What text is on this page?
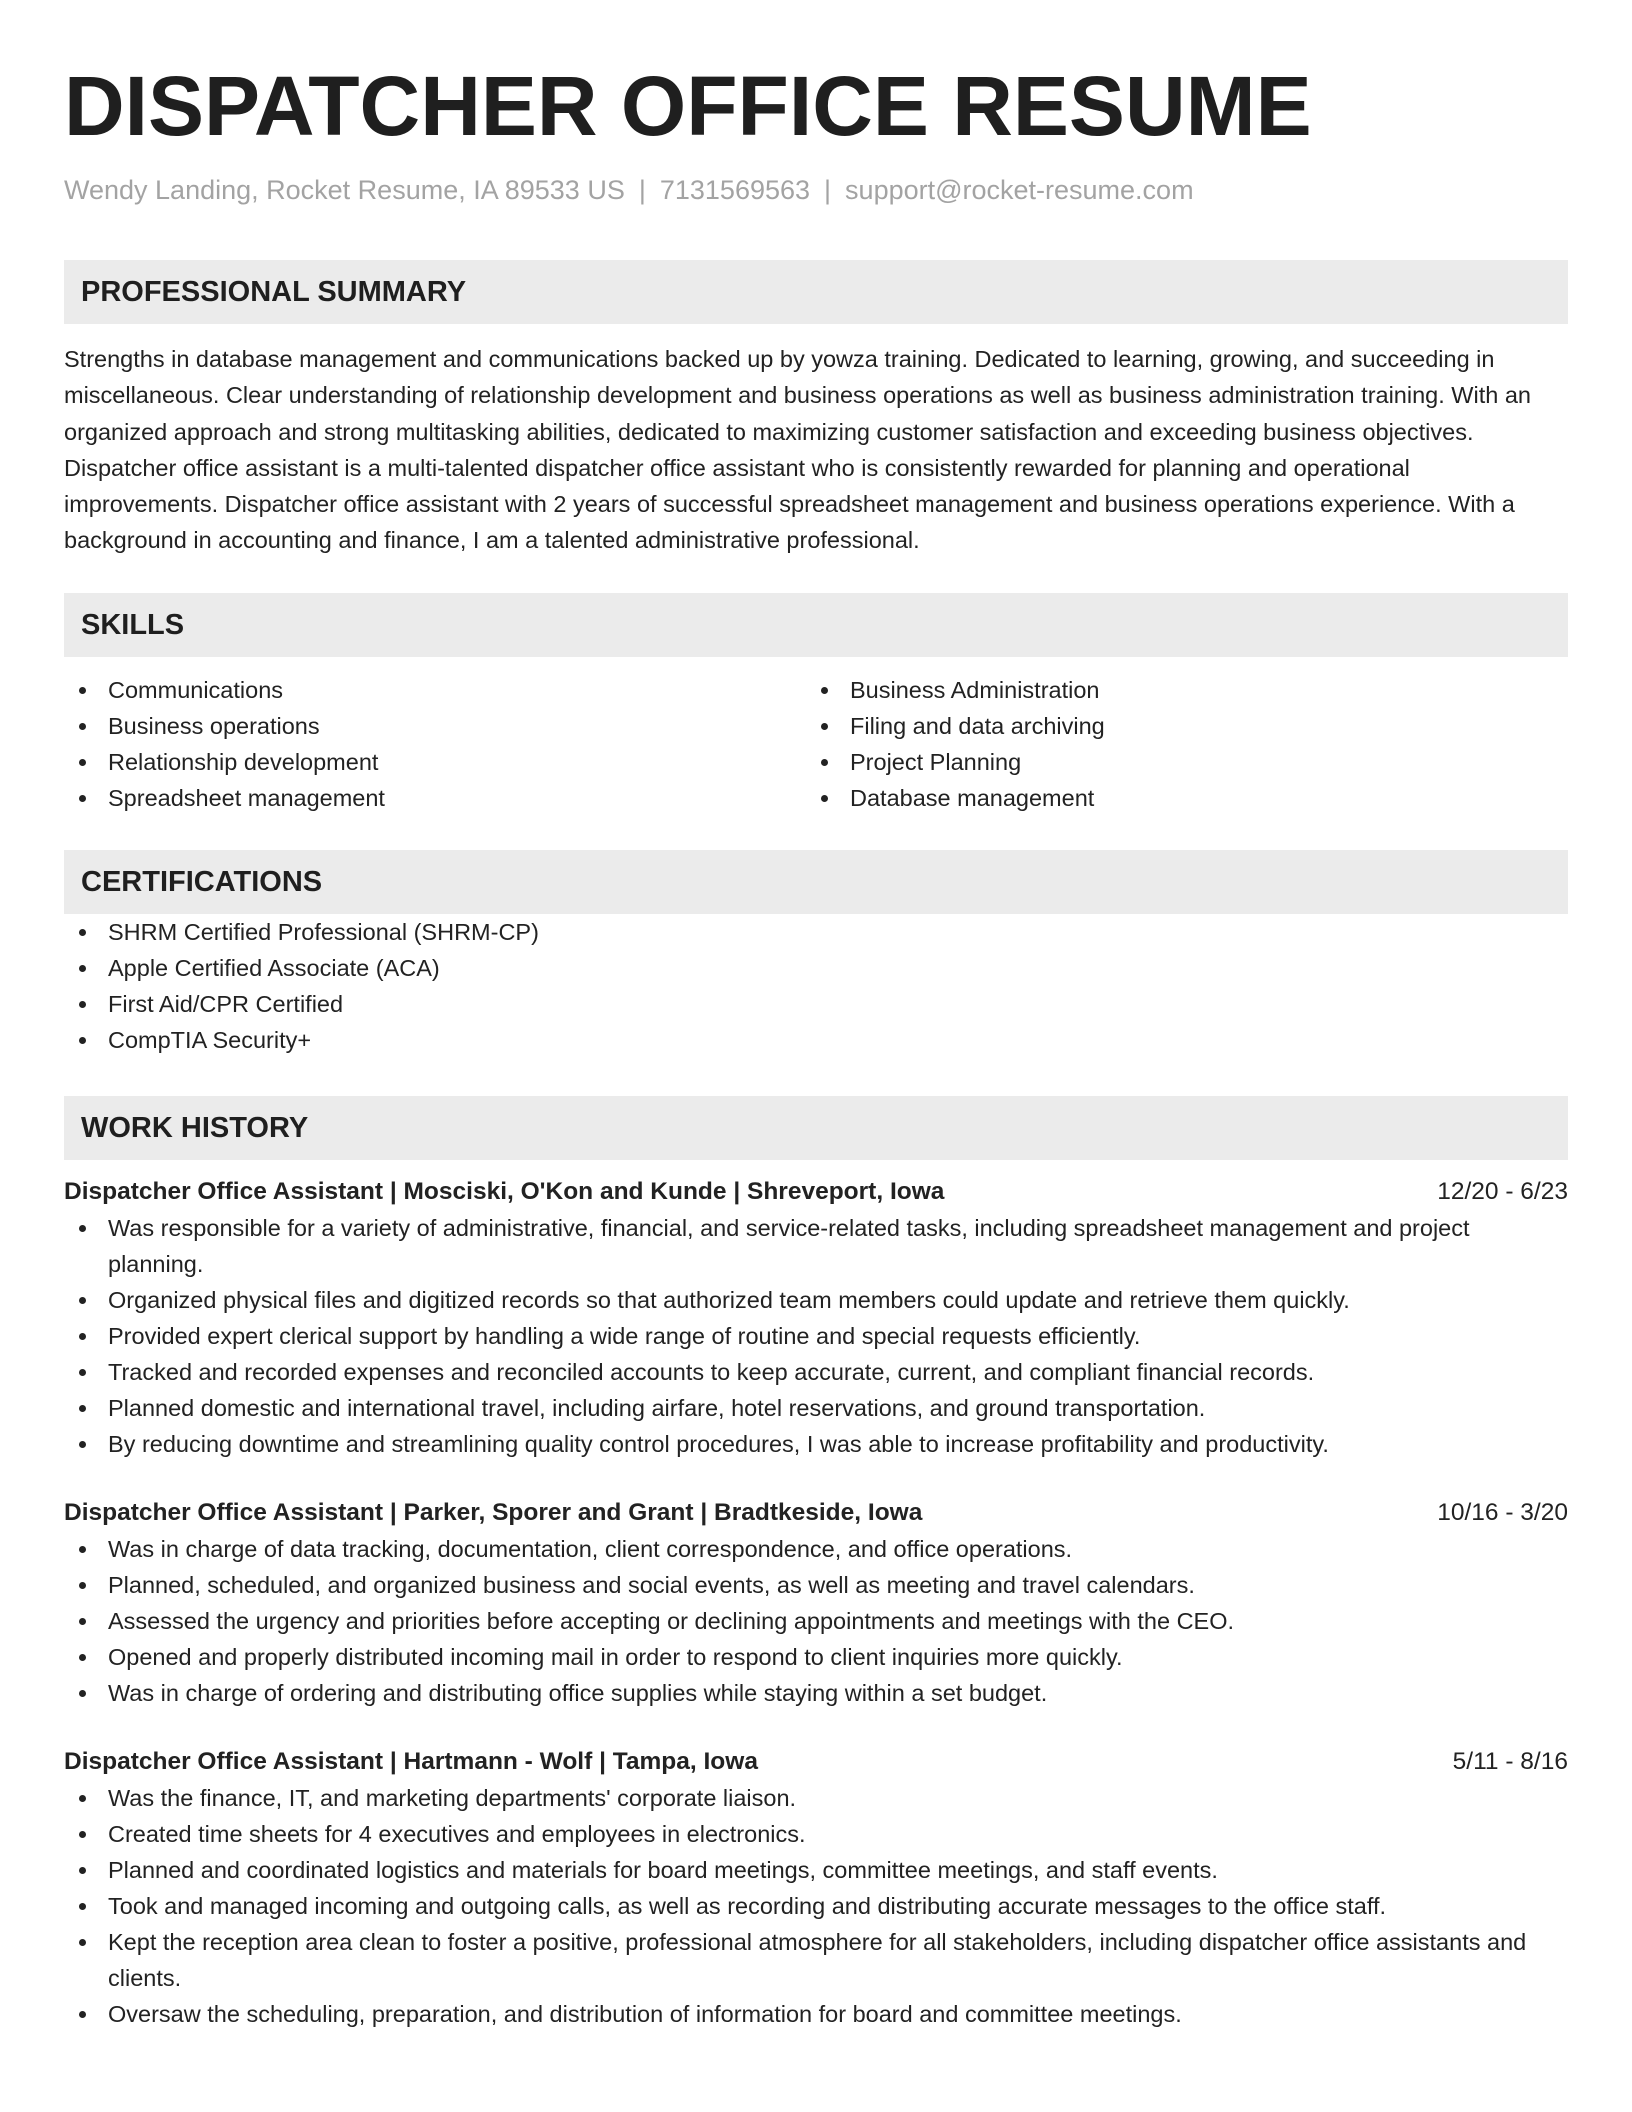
DISPATCHER OFFICE RESUME
Wendy Landing, Rocket Resume, IA 89533 US | 7131569563 | support@rocket-resume.com
PROFESSIONAL SUMMARY
Strengths in database management and communications backed up by yowza training. Dedicated to learning, growing, and succeeding in miscellaneous. Clear understanding of relationship development and business operations as well as business administration training. With an organized approach and strong multitasking abilities, dedicated to maximizing customer satisfaction and exceeding business objectives. Dispatcher office assistant is a multi-talented dispatcher office assistant who is consistently rewarded for planning and operational improvements. Dispatcher office assistant with 2 years of successful spreadsheet management and business operations experience. With a background in accounting and finance, I am a talented administrative professional.
SKILLS
Communications
Business operations
Relationship development
Spreadsheet management
Business Administration
Filing and data archiving
Project Planning
Database management
CERTIFICATIONS
SHRM Certified Professional (SHRM-CP)
Apple Certified Associate (ACA)
First Aid/CPR Certified
CompTIA Security+
WORK HISTORY
Dispatcher Office Assistant | Mosciski, O'Kon and Kunde | Shreveport, Iowa	12/20 - 6/23
Was responsible for a variety of administrative, financial, and service-related tasks, including spreadsheet management and project planning.
Organized physical files and digitized records so that authorized team members could update and retrieve them quickly.
Provided expert clerical support by handling a wide range of routine and special requests efficiently.
Tracked and recorded expenses and reconciled accounts to keep accurate, current, and compliant financial records.
Planned domestic and international travel, including airfare, hotel reservations, and ground transportation.
By reducing downtime and streamlining quality control procedures, I was able to increase profitability and productivity.
Dispatcher Office Assistant | Parker, Sporer and Grant | Bradtkeside, Iowa	10/16 - 3/20
Was in charge of data tracking, documentation, client correspondence, and office operations.
Planned, scheduled, and organized business and social events, as well as meeting and travel calendars.
Assessed the urgency and priorities before accepting or declining appointments and meetings with the CEO.
Opened and properly distributed incoming mail in order to respond to client inquiries more quickly.
Was in charge of ordering and distributing office supplies while staying within a set budget.
Dispatcher Office Assistant | Hartmann - Wolf | Tampa, Iowa	5/11 - 8/16
Was the finance, IT, and marketing departments' corporate liaison.
Created time sheets for 4 executives and employees in electronics.
Planned and coordinated logistics and materials for board meetings, committee meetings, and staff events.
Took and managed incoming and outgoing calls, as well as recording and distributing accurate messages to the office staff.
Kept the reception area clean to foster a positive, professional atmosphere for all stakeholders, including dispatcher office assistants and clients.
Oversaw the scheduling, preparation, and distribution of information for board and committee meetings.
